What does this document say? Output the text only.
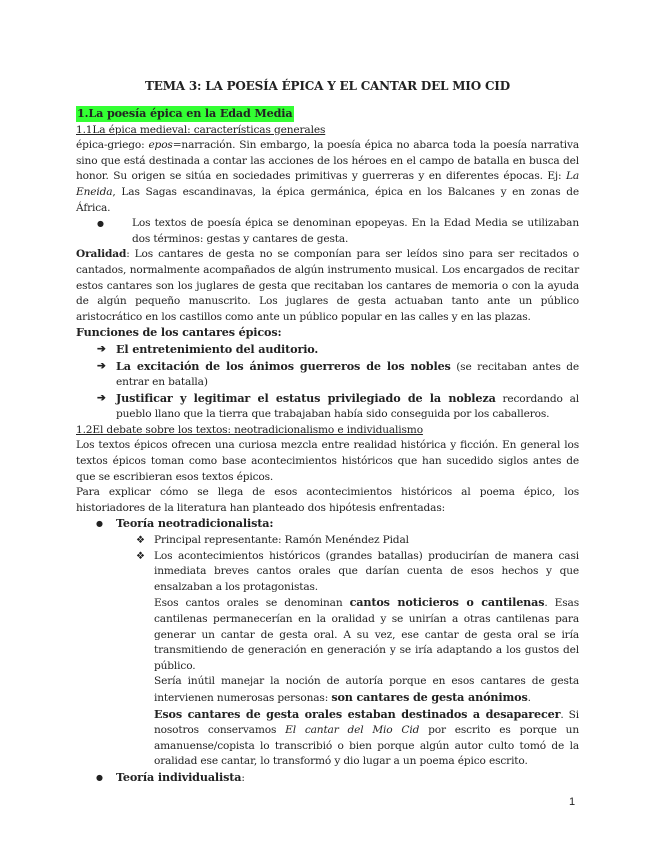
TEMA 3: LA POESÍA ÉPICA Y EL CANTAR DEL MIO CID
1.La poesía épica en la Edad Media
1.1La épica medieval: características generales

épica-griego: epos=narración. Sin embargo, la poesía épica no abarca toda la poesía narrativa sino que está destinada a contar las acciones de los héroes en el campo de batalla en busca del honor. Su origen se sitúa en sociedades primitivas y guerreras y en diferentes épocas. Ej: La Eneida, Las Sagas escandinavas, la épica germánica, épica en los Balcanes y en zonas de África.

●	Los textos de poesía épica se denominan epopeyas. En la Edad Media se utilizaban dos términos: gestas y cantares de gesta.

Oralidad: Los cantares de gesta no se componían para ser leídos sino para ser recitados o cantados, normalmente acompañados de algún instrumento musical. Los encargados de recitar estos cantares son los juglares de gesta que recitaban los cantares de memoria o con la ayuda de algún pequeño manuscrito. Los juglares de gesta actuaban tanto ante un público aristocrático en los castillos como ante un público popular en las calles y en las plazas.

Funciones de los cantares épicos:
➔ El entretenimiento del auditorio.
➔ La excitación de los ánimos guerreros de los nobles (se recitaban antes de entrar en batalla)
➔ Justificar y legitimar el estatus privilegiado de la nobleza recordando al pueblo llano que la tierra que trabajaban había sido conseguida por los caballeros.
1.2El debate sobre los textos: neotradicionalismo e individualismo

Los textos épicos ofrecen una curiosa mezcla entre realidad histórica y ficción. En general los textos épicos toman como base acontecimientos históricos que han sucedido siglos antes de que se escribieran esos textos épicos.

Para explicar cómo se llega de esos acontecimientos históricos al poema épico, los historiadores de la literatura han planteado dos hipótesis enfrentadas:

● Teoría neotradicionalista:
❖ Principal representante: Ramón Menéndez Pidal
❖ Los acontecimientos históricos (grandes batallas) producirían de manera casi inmediata breves cantos orales que darían cuenta de esos hechos y que ensalzaban a los protagonistas.
Esos cantos orales se denominan cantos noticieros o cantilenas. Esas cantilenas permanecerían en la oralidad y se unirían a otras cantilenas para generar un cantar de gesta oral. A su vez, ese cantar de gesta oral se iría transmitiendo de generación en generación y se iría adaptando a los gustos del público.
Sería inútil manejar la noción de autoría porque en esos cantares de gesta intervienen numerosas personas: son cantares de gesta anónimos.
Esos cantares de gesta orales estaban destinados a desaparecer. Si nosotros conservamos El cantar del Mio Cid por escrito es porque un amanuense/copista lo transcribió o bien porque algún autor culto tomó de la oralidad ese cantar, lo transformó y dio lugar a un poema épico escrito.
● Teoría individualista:
1
